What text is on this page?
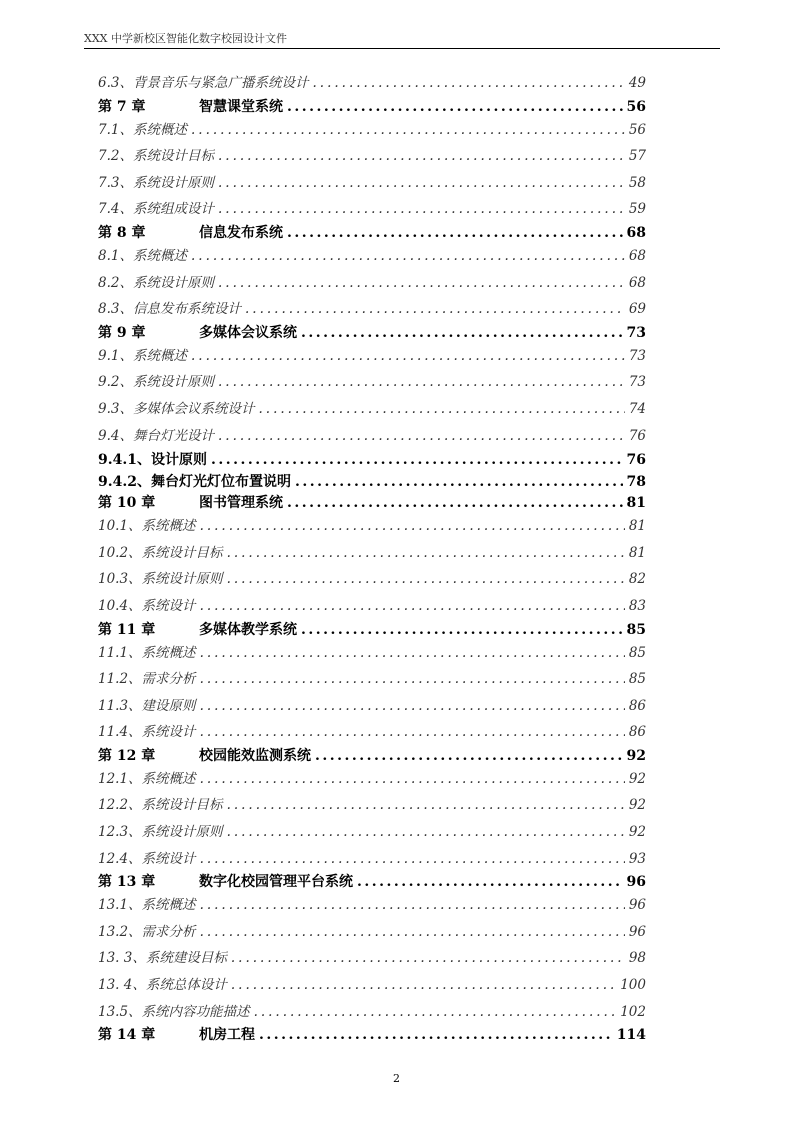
XXX 中学新校区智能化数字校园设计文件
6.3、背景音乐与紧急广播系统设计 .....	49
第 7 章	智慧课堂系统 .....	56
7.1、系统概述 .....	56
7.2、系统设计目标 .....	57
7.3、系统设计原则 .....	58
7.4、系统组成设计 .....	59
第 8 章	信息发布系统 .....	68
8.1、系统概述 .....	68
8.2、系统设计原则 .....	68
8.3、信息发布系统设计 .....	69
第 9 章	多媒体会议系统 .....	73
9.1、系统概述 .....	73
9.2、系统设计原则 .....	73
9.3、多媒体会议系统设计 .....	74
9.4、舞台灯光设计 .....	76
9.4.1、设计原则 .....	76
9.4.2、舞台灯光灯位布置说明 .....	78
第 10 章	图书管理系统 .....	81
10.1、系统概述 .....	81
10.2、系统设计目标 .....	81
10.3、系统设计原则 .....	82
10.4、系统设计 .....	83
第 11 章	多媒体教学系统 .....	85
11.1、系统概述 .....	85
11.2、需求分析 .....	85
11.3、建设原则 .....	86
11.4、系统设计 .....	86
第 12 章	校园能效监测系统 .....	92
12.1、系统概述 .....	92
12.2、系统设计目标 .....	92
12.3、系统设计原则 .....	92
12.4、系统设计 .....	93
第 13 章	数字化校园管理平台系统 .....	96
13.1、系统概述 .....	96
13.2、需求分析 .....	96
13. 3、系统建设目标 .....	98
13. 4、系统总体设计 .....	100
13.5、系统内容功能描述 .....	102
第 14 章	机房工程 .....	114
2
